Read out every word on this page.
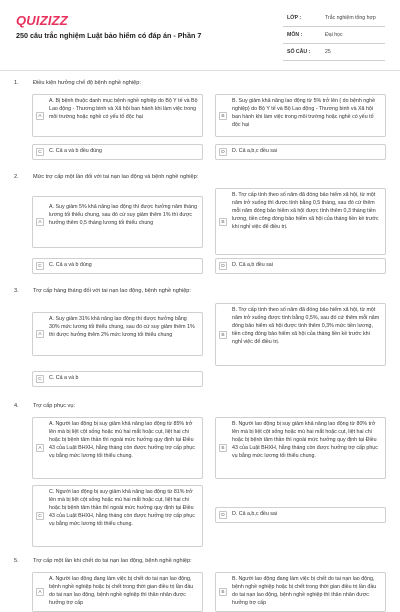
QUIZIZZ
250 câu trắc nghiệm Luật bảo hiểm có đáp án - Phần 7
LỚP :	Trắc nghiệm tổng hợp
MÔN :	Đại học
SỐ CÂU :	25
1.	Điều kiện hưởng chế độ bệnh nghề nghiệp:
A
A. Bị bệnh thuộc danh mục bệnh nghề nghiệp do Bộ Y tế và Bộ Lao động - Thương binh và Xã hội ban hành khi làm việc trong môi trường hoặc nghề có yếu tố độc hại	B
B. Suy giảm khả năng lao động từ 5% trở lên ( do bệnh nghề nghiệp) do Bộ Y tế và Bộ Lao động - Thương binh và Xã hội ban hành khi làm việc trong môi trường hoặc nghề có yếu tố độc hại
C	C. Cả a và b đều đúng	D	D. Cả a,b,c đều sai
2.	Mức trợ cấp một lần đối với tai nạn lao động và bệnh nghề nghiệp:
A
A. Suy giảm 5% khả năng lao động thì được hưởng năm tháng lương tối thiểu chung, sau đó cứ suy giảm thêm 1% thì được hưởng thêm 0,5 tháng lương tối thiểu chung	B
B. Trợ cấp tính theo số năm đã đóng bảo hiểm xã hội, từ một năm trở xuống thì được tính bằng 0,5 tháng, sau đó cứ thêm mỗi năm đóng bảo hiểm xã hội được tính thêm 0,3 tháng tiền lương, tiền công đóng bảo hiểm xã hội của tháng liền kề trước khi nghỉ việc để điều trị.
C	C. Cả a và b đúng	D	D. Cả a,b đều sai
3.	Trợ cấp hàng tháng đối với tai nạn lao động, bệnh nghề nghiệp:
A
A. Suy giảm 31% khả năng lao động thì được hưởng bằng 30% mức lương tối thiểu chung, sau đó cứ suy giảm thêm 1% thì được hưởng thêm 2% mức lương tối thiểu chung	B
B. Trợ cấp tính theo số năm đã đóng bảo hiểm xã hội, từ một năm trở xuống được tính bằng 0,5%, sau đó cứ thêm mỗi năm đóng bảo hiểm xã hội được tính thêm 0,3% mức tiền lương, tiền công đóng bảo hiểm xã hội của tháng liền kề trước khi nghỉ việc để điều trị.
C	C. Cả a và b
4.	Trợ cấp phục vụ:
A
A. Người lao động bị suy giảm khả năng lao động từ 85% trở lên mà bị liệt cột sống hoặc mù hai mắt hoặc cụt, liệt hai chi hoặc bị bệnh tâm thần thì ngoài mức hưởng quy định tại Điều 43 của Luật BHXH, hằng tháng còn được hưởng trợ cấp phục vụ bằng mức lương tối thiểu chung.
B
B. Người lao động bị suy giảm khả năng lao động từ 80% trở lên mà bị liệt cột sống hoặc mù hai mắt hoặc cụt, liệt hai chi hoặc bị bệnh tâm thần thì ngoài mức hưởng quy định tại Điều 43 của Luật BHXH, hằng tháng còn được hưởng trợ cấp phục vụ bằng mức lương tối thiểu chung.
C
C. Người lao động bị suy giảm khả năng lao động từ 81% trở lên mà bị liệt cột sống hoặc mù hai mắt hoặc cụt, liệt hai chi hoặc bị bệnh tâm thần thì ngoài mức hưởng quy định tại Điều 43 của Luật BHXH, hằng tháng còn được hưởng trợ cấp phục vụ bằng mức lương tối thiểu chung.
D	D. Cả a,b,c đều sai
5.	Trợ cấp một lần khi chết do tai nạn lao động, bệnh nghề nghiệp:
A
A. Người lao động đang làm việc bị chết do tai nạn lao động, bệnh nghề nghiệp hoặc bị chết trong thời gian điều trị lần đầu do tai nạn lao động, bệnh nghề nghiệp thì thân nhân được hưởng trợ cấp
B
B. Người lao động đang làm việc bị chết do tai nạn lao động, bệnh nghề nghiệp hoặc bị chết trong thời gian điều trị lần đầu do tai nạn lao động, bệnh nghề nghiệp thì thân nhân được hưởng trợ cấp
